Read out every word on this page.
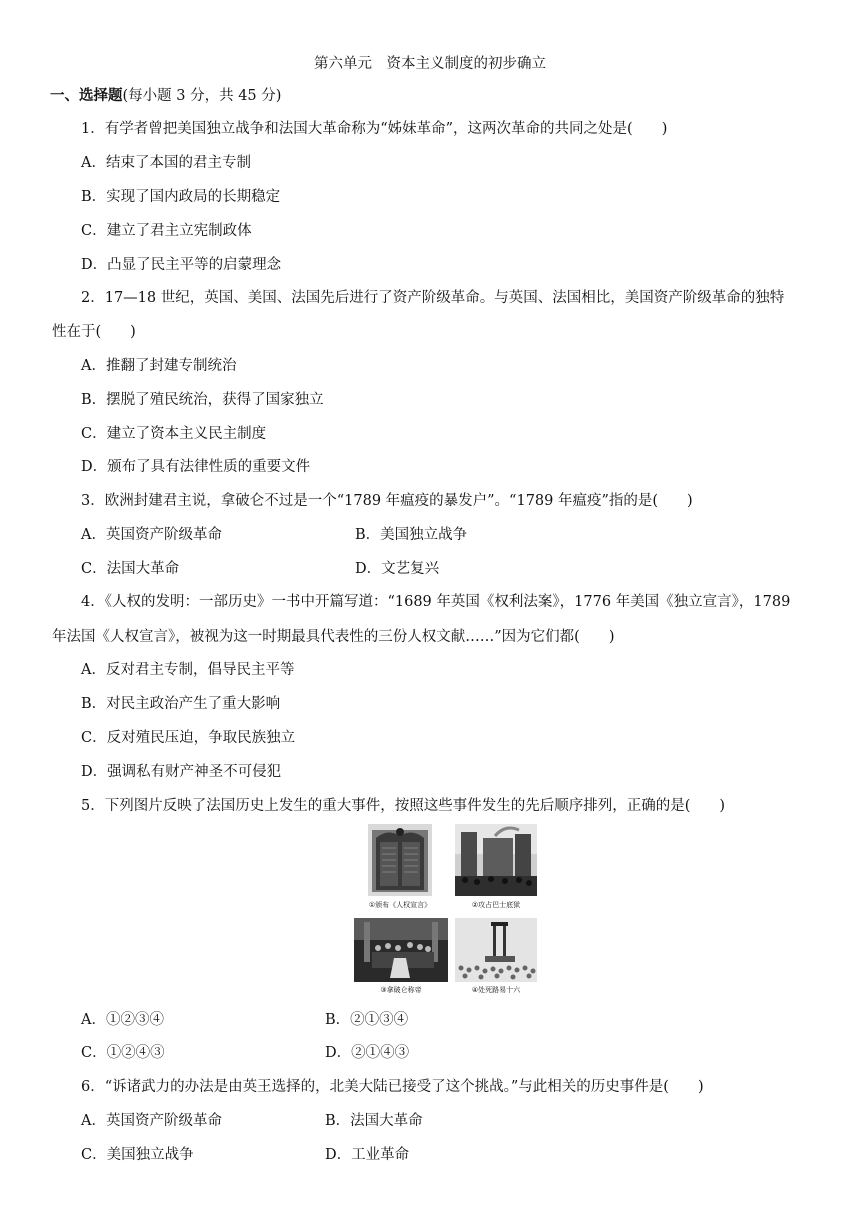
第六单元　资本主义制度的初步确立
一、选择题(每小题 3 分，共 45 分)
1．有学者曾把美国独立战争和法国大革命称为“姊妹革命”，这两次革命的共同之处是(　　)
A．结束了本国的君主专制
B．实现了国内政局的长期稳定
C．建立了君主立宪制政体
D．凸显了民主平等的启蒙理念
2．17—18 世纪，英国、美国、法国先后进行了资产阶级革命。与英国、法国相比，美国资产阶级革命的独特
性在于(　　)
A．推翻了封建专制统治
B．摆脱了殖民统治，获得了国家独立
C．建立了资本主义民主制度
D．颁布了具有法律性质的重要文件
3．欧洲封建君主说，拿破仑不过是一个“1789 年瘟疫的暴发户”。“1789 年瘟疫”指的是(　　)
A．英国资产阶级革命	B．美国独立战争
C．法国大革命	D．文艺复兴
4．《人权的发明：一部历史》一书中开篇写道：“1689 年英国《权利法案》，1776 年美国《独立宣言》，1789
年法国《人权宣言》，被视为这一时期最具代表性的三份人权文献……”因为它们都(　　)
A．反对君主专制，倡导民主平等
B．对民主政治产生了重大影响
C．反对殖民压迫，争取民族独立
D．强调私有财产神圣不可侵犯
5．下列图片反映了法国历史上发生的重大事件，按照这些事件发生的先后顺序排列，正确的是(　　)
①颁布《人权宣言》	②攻占巴士底狱
③拿破仑称帝	④处死路易十六
A．①②③④	B．②①③④
C．①②④③	D．②①④③
6．“诉诸武力的办法是由英王选择的，北美大陆已接受了这个挑战。”与此相关的历史事件是(　　)
A．英国资产阶级革命	B．法国大革命
C．美国独立战争	D．工业革命
